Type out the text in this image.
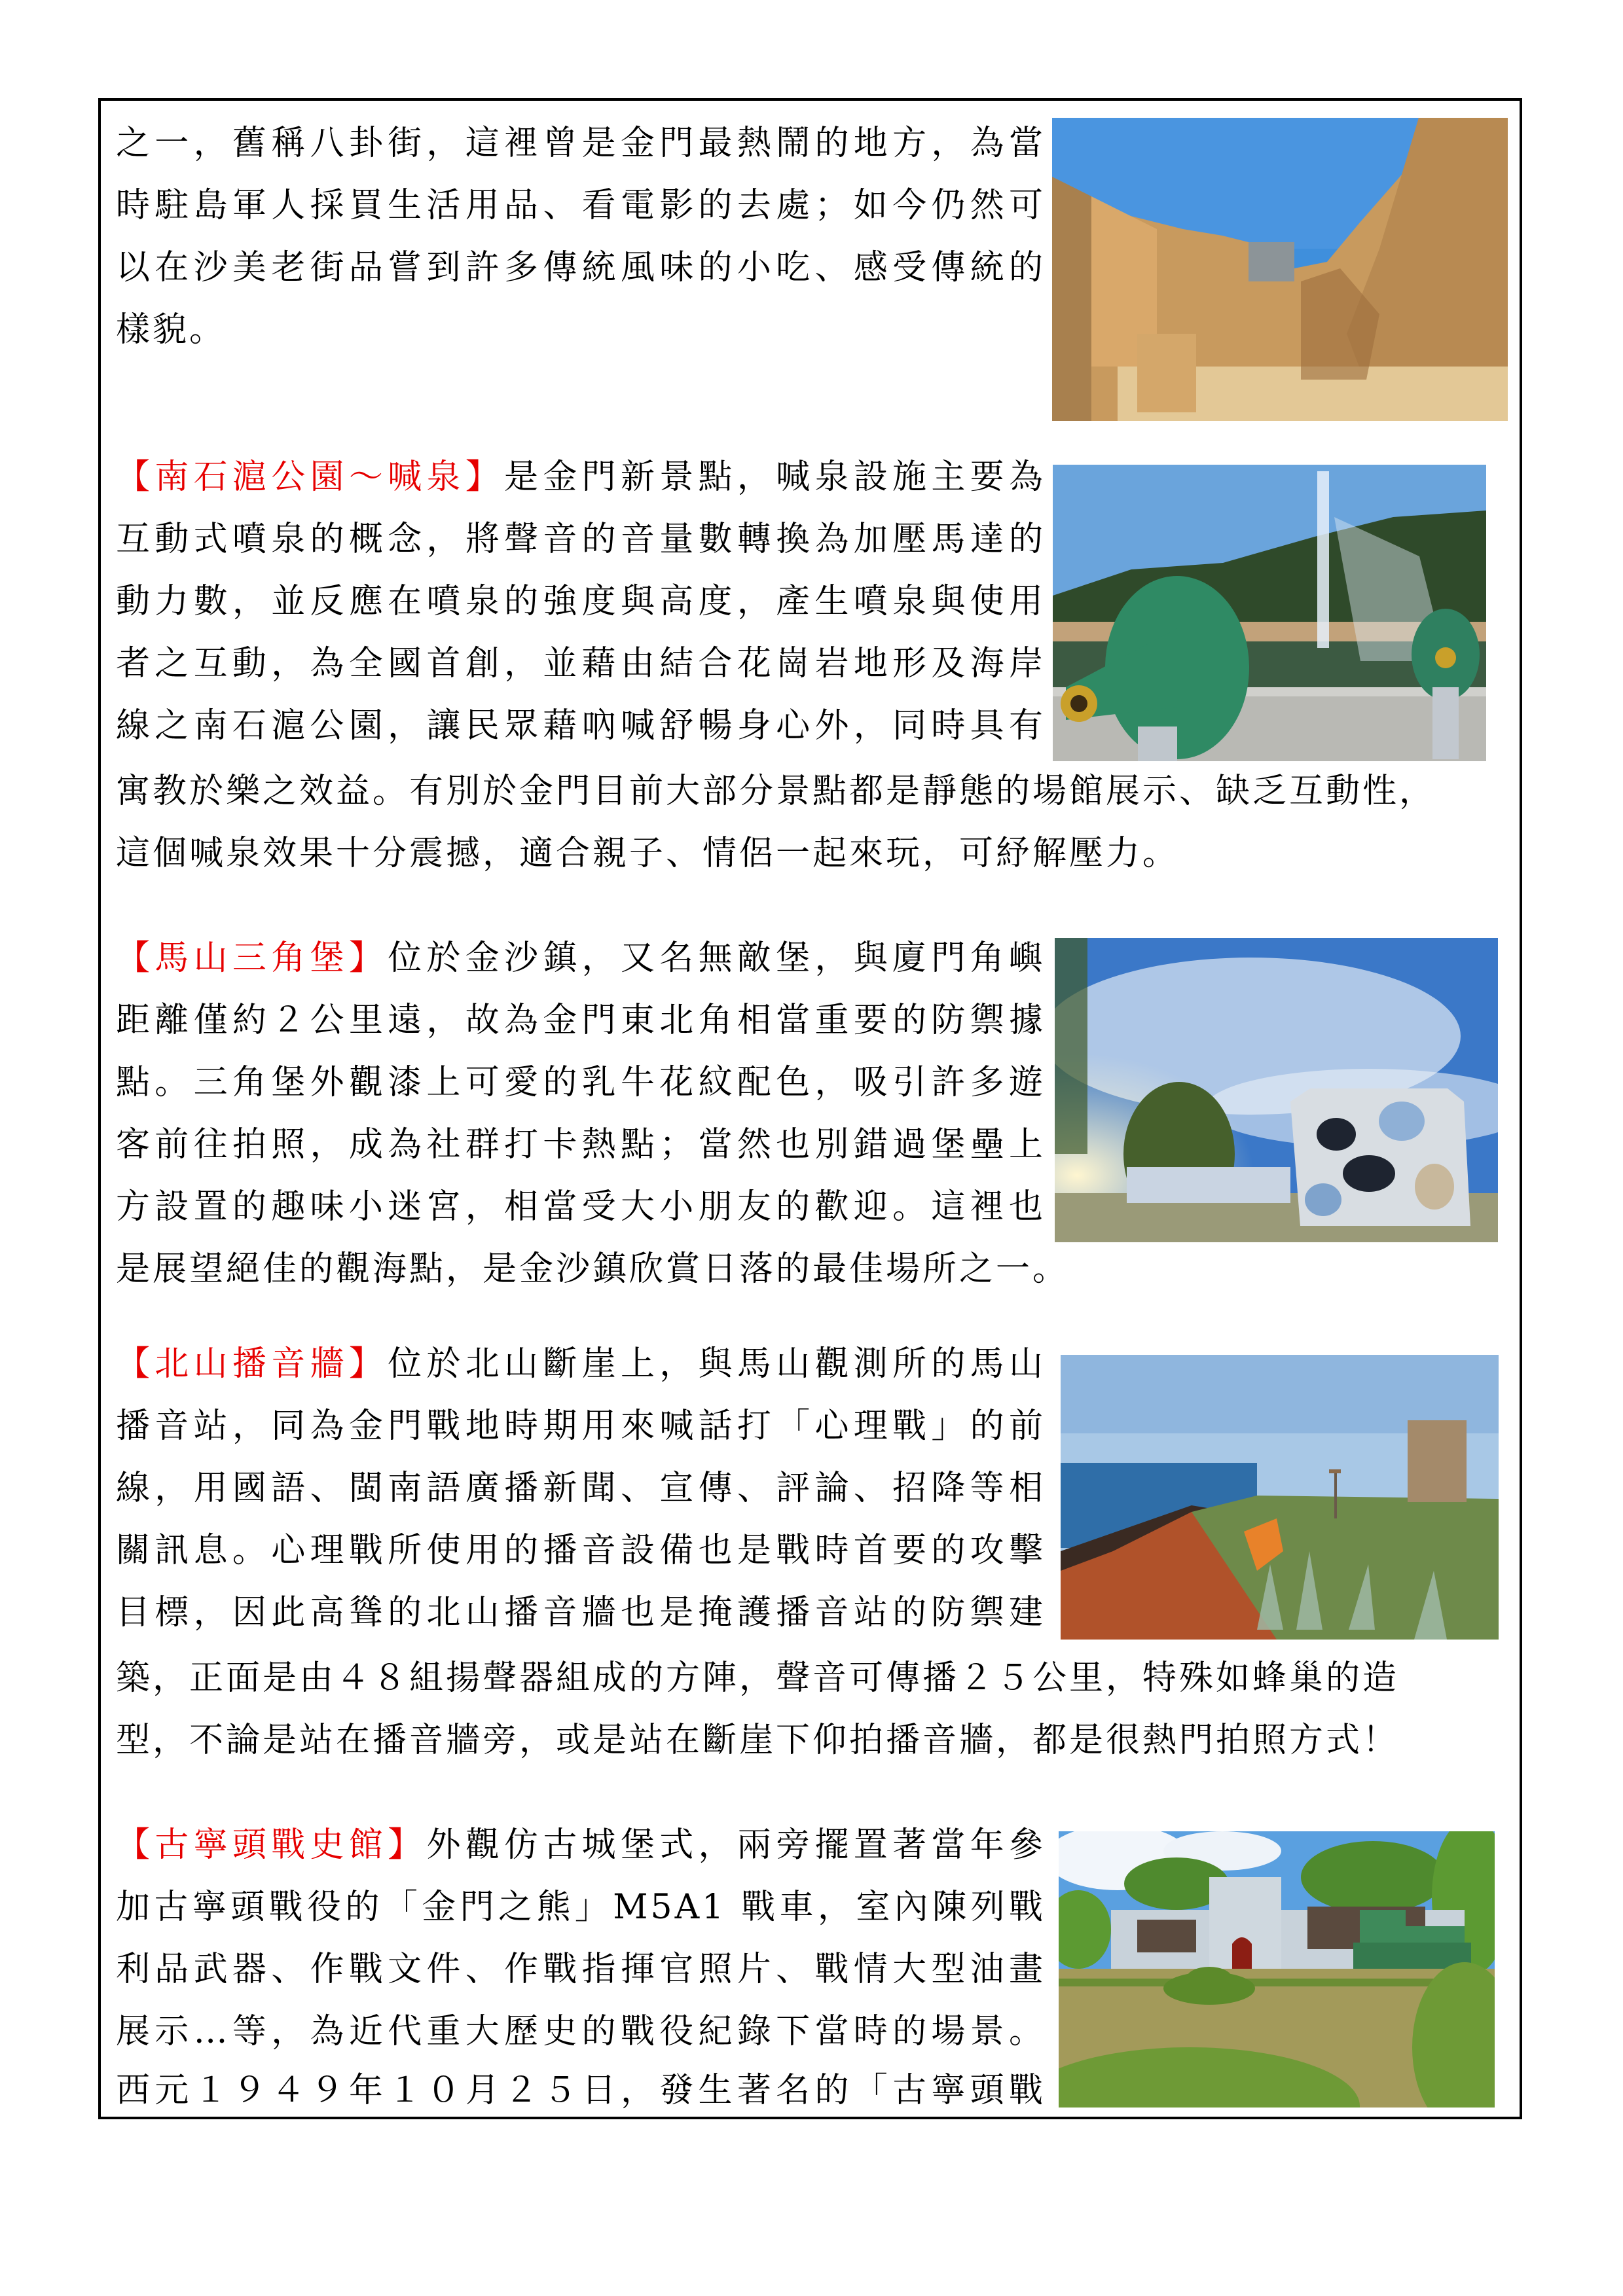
之一，舊稱八卦街，這裡曾是金門最熱鬧的地方，為當
時駐島軍人採買生活用品、看電影的去處；如今仍然可
以在沙美老街品嘗到許多傳統風味的小吃、感受傳統的
樣貌。
【南石滬公園～喊泉】是金門新景點，喊泉設施主要為
互動式噴泉的概念，將聲音的音量數轉換為加壓馬達的
動力數，並反應在噴泉的強度與高度，產生噴泉與使用
者之互動，為全國首創，並藉由結合花崗岩地形及海岸
線之南石滬公園，讓民眾藉吶喊舒暢身心外，同時具有
寓教於樂之效益。有別於金門目前大部分景點都是靜態的場館展示、缺乏互動性，
這個喊泉效果十分震撼，適合親子、情侶一起來玩，可紓解壓力。
【馬山三角堡】位於金沙鎮，又名無敵堡，與廈門角嶼
距離僅約２公里遠，故為金門東北角相當重要的防禦據
點。三角堡外觀漆上可愛的乳牛花紋配色，吸引許多遊
客前往拍照，成為社群打卡熱點；當然也別錯過堡壘上
方設置的趣味小迷宮，相當受大小朋友的歡迎。這裡也
是展望絕佳的觀海點，是金沙鎮欣賞日落的最佳場所之一。
【北山播音牆】位於北山斷崖上，與馬山觀測所的馬山
播音站，同為金門戰地時期用來喊話打「心理戰」的前
線，用國語、閩南語廣播新聞、宣傳、評論、招降等相
關訊息。心理戰所使用的播音設備也是戰時首要的攻擊
目標，因此高聳的北山播音牆也是掩護播音站的防禦建
築，正面是由４８組揚聲器組成的方陣，聲音可傳播２５公里，特殊如蜂巢的造
型，不論是站在播音牆旁，或是站在斷崖下仰拍播音牆，都是很熱門拍照方式！
【古寧頭戰史館】外觀仿古城堡式，兩旁擺置著當年參
加古寧頭戰役的「金門之熊」M5A1 戰車，室內陳列戰
利品武器、作戰文件、作戰指揮官照片、戰情大型油畫
展示…等，為近代重大歷史的戰役紀錄下當時的場景。
西元１９４９年１０月２５日，發生著名的「古寧頭戰
